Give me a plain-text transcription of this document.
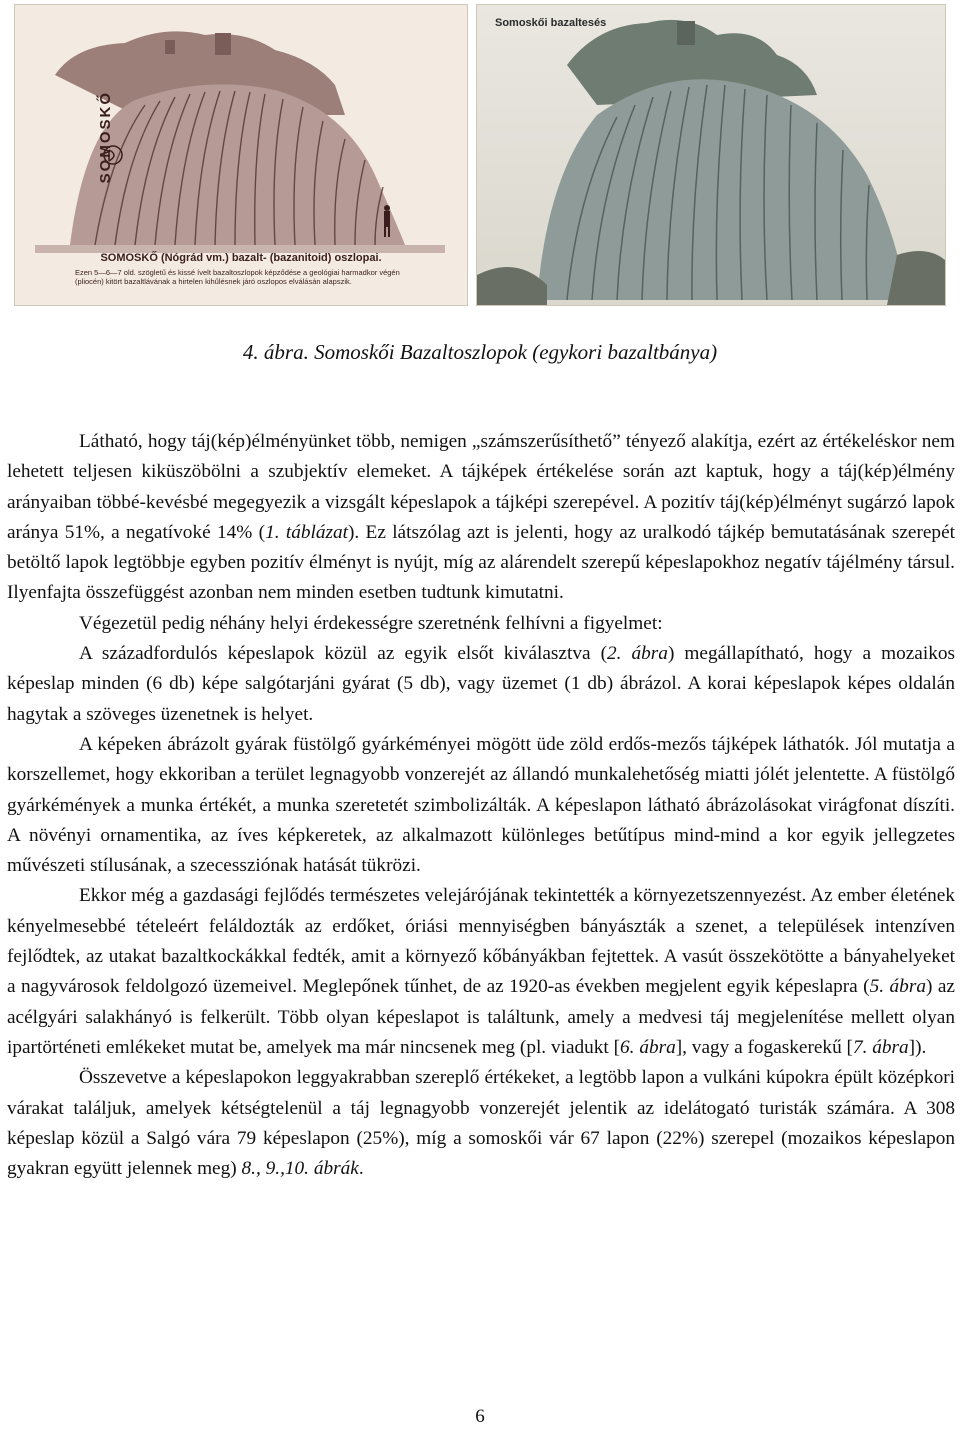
SOMOSKŐ
SOMOSKŐ (Nógrád vm.) bazalt- (bazanitoid) oszlopai.
Ezen 5—6—7 old. szögletű és kissé ívelt bazaltoszlopok képződése a geológiai harmadkor végén (pliocén) kitört bazaltlávának a hirtelen kihűlésnek járó oszlopos elválásán alapszik.
Somoskői bazaltesés
4. ábra. Somoskői Bazaltoszlopok (egykori bazaltbánya)

Látható, hogy táj(kép)élményünket több, nemigen „számszerűsíthető” tényező alakítja, ezért az értékeléskor nem lehetett teljesen kiküszöbölni a szubjektív elemeket. A tájképek értékelése során azt kaptuk, hogy a táj(kép)élmény arányaiban többé-kevésbé megegyezik a vizsgált képeslapok a tájképi szerepével. A pozitív táj(kép)élményt sugárzó lapok aránya 51%, a negatívoké 14% (1. táblázat). Ez látszólag azt is jelenti, hogy az uralkodó tájkép bemutatásának szerepét betöltő lapok legtöbbje egyben pozitív élményt is nyújt, míg az alárendelt szerepű képeslapokhoz negatív tájélmény társul. Ilyenfajta összefüggést azonban nem minden esetben tudtunk kimutatni.

Végezetül pedig néhány helyi érdekességre szeretnénk felhívni a figyelmet:

A századfordulós képeslapok közül az egyik elsőt kiválasztva (2. ábra) megállapítható, hogy a mozaikos képeslap minden (6 db) képe salgótarjáni gyárat (5 db), vagy üzemet (1 db) ábrázol. A korai képeslapok képes oldalán hagytak a szöveges üzenetnek is helyet.

A képeken ábrázolt gyárak füstölgő gyárkéményei mögött üde zöld erdős-mezős tájképek láthatók. Jól mutatja a korszellemet, hogy ekkoriban a terület legnagyobb vonzerejét az állandó munkalehetőség miatti jólét jelentette. A füstölgő gyárkémények a munka értékét, a munka szeretetét szimbolizálták. A képeslapon látható ábrázolásokat virágfonat díszíti. A növényi ornamentika, az íves képkeretek, az alkalmazott különleges betűtípus mind-mind a kor egyik jellegzetes művészeti stílusának, a szecessziónak hatását tükrözi.

Ekkor még a gazdasági fejlődés természetes velejárójának tekintették a környezetszennyezést. Az ember életének kényelmesebbé tételeért feláldozták az erdőket, óriási mennyiségben bányászták a szenet, a települések intenzíven fejlődtek, az utakat bazaltkockákkal fedték, amit a környező kőbányákban fejtettek. A vasút összekötötte a bányahelyeket a nagyvárosok feldolgozó üzemeivel. Meglepőnek tűnhet, de az 1920-as években megjelent egyik képeslapra (5. ábra) az acélgyári salakhányó is felkerült. Több olyan képeslapot is találtunk, amely a medvesi táj megjelenítése mellett olyan ipartörténeti emlékeket mutat be, amelyek ma már nincsenek meg (pl. viadukt [6. ábra], vagy a fogaskerekű [7. ábra]).

Összevetve a képeslapokon leggyakrabban szereplő értékeket, a legtöbb lapon a vulkáni kúpokra épült középkori várakat találjuk, amelyek kétségtelenül a táj legnagyobb vonzerejét jelentik az idelátogató turisták számára. A 308 képeslap közül a Salgó vára 79 képeslapon (25%), míg a somoskői vár 67 lapon (22%) szerepel (mozaikos képeslapon gyakran együtt jelennek meg) 8., 9.,10. ábrák.

6
